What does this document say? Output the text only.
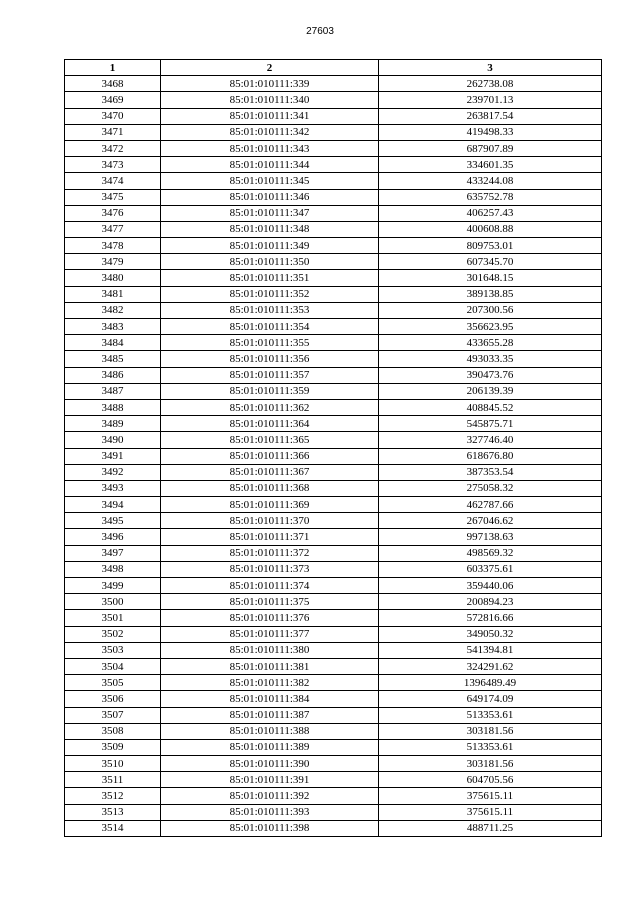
27603
1	2	3
3468	85:01:010111:339	262738.08
3469	85:01:010111:340	239701.13
3470	85:01:010111:341	263817.54
3471	85:01:010111:342	419498.33
3472	85:01:010111:343	687907.89
3473	85:01:010111:344	334601.35
3474	85:01:010111:345	433244.08
3475	85:01:010111:346	635752.78
3476	85:01:010111:347	406257.43
3477	85:01:010111:348	400608.88
3478	85:01:010111:349	809753.01
3479	85:01:010111:350	607345.70
3480	85:01:010111:351	301648.15
3481	85:01:010111:352	389138.85
3482	85:01:010111:353	207300.56
3483	85:01:010111:354	356623.95
3484	85:01:010111:355	433655.28
3485	85:01:010111:356	493033.35
3486	85:01:010111:357	390473.76
3487	85:01:010111:359	206139.39
3488	85:01:010111:362	408845.52
3489	85:01:010111:364	545875.71
3490	85:01:010111:365	327746.40
3491	85:01:010111:366	618676.80
3492	85:01:010111:367	387353.54
3493	85:01:010111:368	275058.32
3494	85:01:010111:369	462787.66
3495	85:01:010111:370	267046.62
3496	85:01:010111:371	997138.63
3497	85:01:010111:372	498569.32
3498	85:01:010111:373	603375.61
3499	85:01:010111:374	359440.06
3500	85:01:010111:375	200894.23
3501	85:01:010111:376	572816.66
3502	85:01:010111:377	349050.32
3503	85:01:010111:380	541394.81
3504	85:01:010111:381	324291.62
3505	85:01:010111:382	1396489.49
3506	85:01:010111:384	649174.09
3507	85:01:010111:387	513353.61
3508	85:01:010111:388	303181.56
3509	85:01:010111:389	513353.61
3510	85:01:010111:390	303181.56
3511	85:01:010111:391	604705.56
3512	85:01:010111:392	375615.11
3513	85:01:010111:393	375615.11
3514	85:01:010111:398	488711.25
